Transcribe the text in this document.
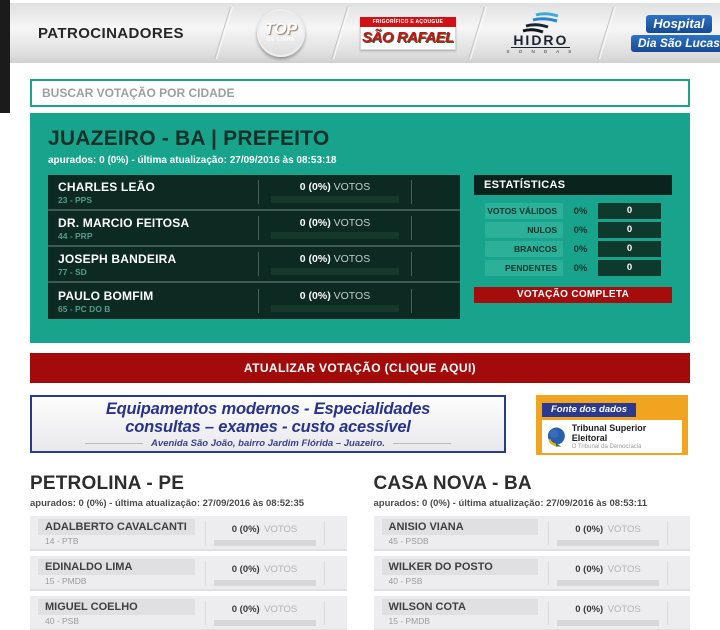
PATROCINADORES	TOP
DE LINHA
FRIGORÍFICO E AÇOUGUE
SÃO RAFAEL	HIDRO
S O N D A S
Hospital
Dia São Lucas
BUSCAR VOTAÇÃO POR CIDADE
JUAZEIRO - BA | PREFEITO
apurados: 0 (0%) - última atualização: 27/09/2016 às 08:53:18
CHARLES LEÃO
23 - PPS
0 (0%) VOTOS
DR. MARCIO FEITOSA
44 - PRP
0 (0%) VOTOS
JOSEPH BANDEIRA
77 - SD
0 (0%) VOTOS
PAULO BOMFIM
65 - PC DO B
0 (0%) VOTOS
ESTATÍSTICAS
VOTOS VÁLIDOS	0%	0
NULOS	0%	0
BRANCOS	0%	0
PENDENTES	0%	0
VOTAÇÃO COMPLETA
ATUALIZAR VOTAÇÃO (CLIQUE AQUI)
Equipamentos modernos - Especialidades
consultas – exames - custo acessível
Avenida São João, bairro Jardim Flórida – Juazeiro.
Fonte dos dados
Tribunal Superior Eleitoral
O Tribunal da Democracia
PETROLINA - PE
apurados: 0 (0%) - última atualização: 27/09/2016 às 08:52:35
ADALBERTO CAVALCANTI
14 - PTB
0 (0%) VOTOS
EDINALDO LIMA
15 - PMDB
0 (0%) VOTOS
MIGUEL COELHO
40 - PSB
0 (0%) VOTOS
CASA NOVA - BA
apurados: 0 (0%) - última atualização: 27/09/2016 às 08:53:11
ANISIO VIANA
45 - PSDB
0 (0%) VOTOS
WILKER DO POSTO
40 - PSB
0 (0%) VOTOS
WILSON COTA
15 - PMDB
0 (0%) VOTOS
